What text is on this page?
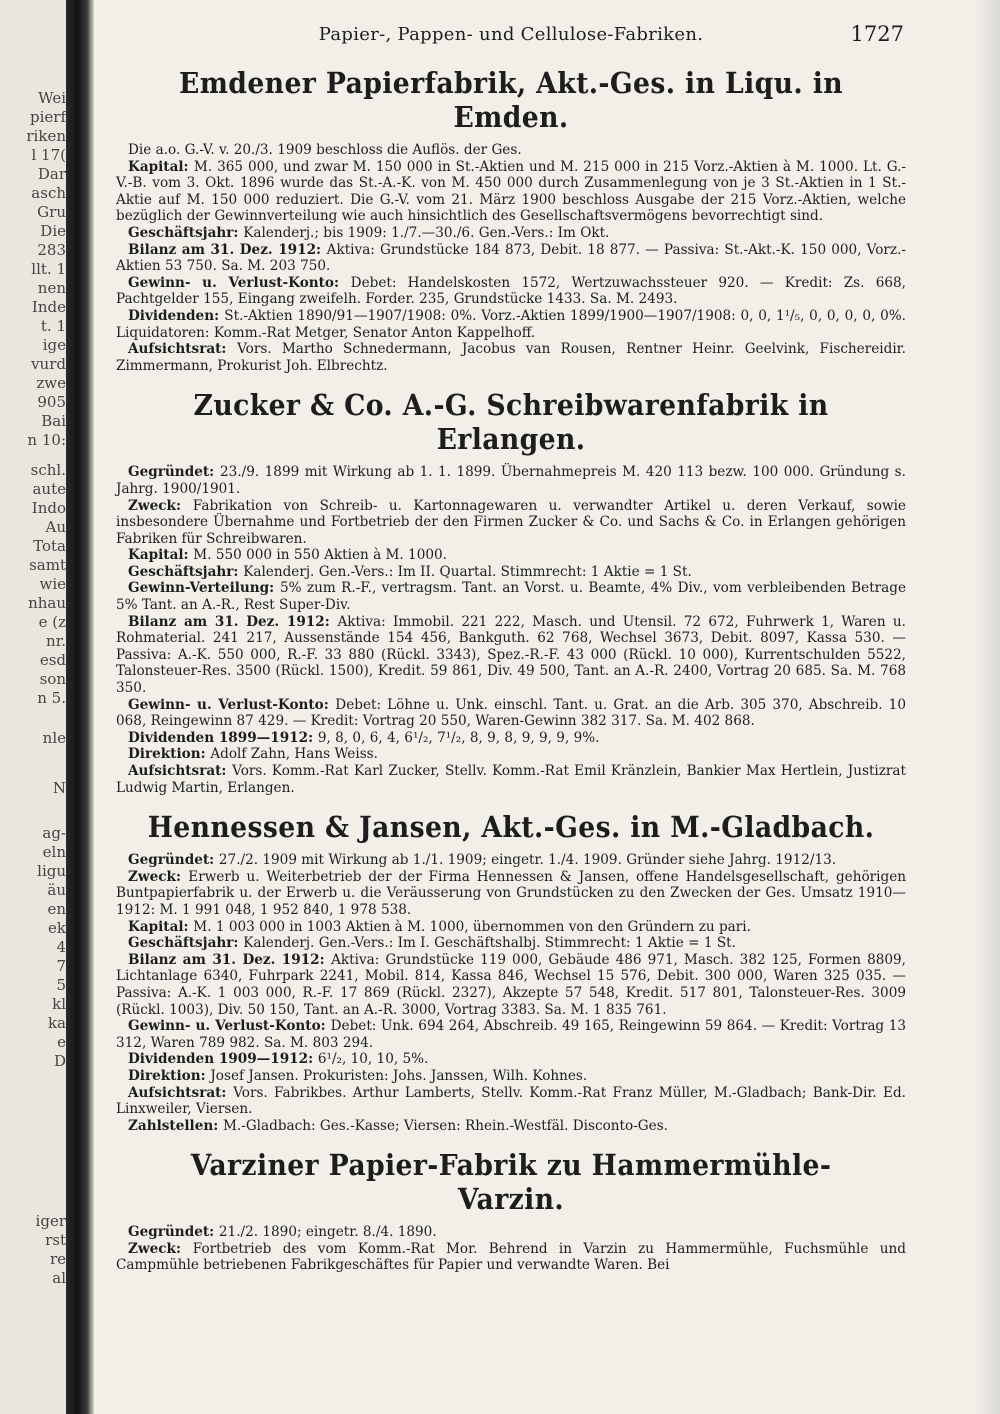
Wei
pierf
riken
l 17(
Dar
asch
Gru
Die
283
llt. 1
nen
Inde
t. 1
ige
vurd
zwe
905
Bai
n 10:
schl.
aute
Indo
Au
Tota
samt
wie
nhau
e (z
nr.
esd
son
n 5.
nle
N
ag-
eln
ligu
äu
en
ek
4
7
5
kl
ka
e
D
iger
rst
re
al
Papier-, Pappen- und Cellulose-Fabriken.	1727
Emdener Papierfabrik, Akt.-Ges. in Liqu. in Emden.

Die a.o. G.-V. v. 20./3. 1909 beschloss die Auflös. der Ges.

Kapital: M. 365 000, und zwar M. 150 000 in St.-Aktien und M. 215 000 in 215 Vorz.-Aktien à M. 1000. Lt. G.-V.-B. vom 3. Okt. 1896 wurde das St.-A.-K. von M. 450 000 durch Zusammenlegung von je 3 St.-Aktien in 1 St.-Aktie auf M. 150 000 reduziert. Die G.-V. vom 21. März 1900 beschloss Ausgabe der 215 Vorz.-Aktien, welche bezüglich der Gewinnverteilung wie auch hinsichtlich des Gesellschaftsvermögens bevorrechtigt sind.

Geschäftsjahr: Kalenderj.; bis 1909: 1./7.—30./6. Gen.-Vers.: Im Okt.

Bilanz am 31. Dez. 1912: Aktiva: Grundstücke 184 873, Debit. 18 877. — Passiva: St.-Akt.-K. 150 000, Vorz.-Aktien 53 750. Sa. M. 203 750.

Gewinn- u. Verlust-Konto: Debet: Handelskosten 1572, Wertzuwachssteuer 920. — Kredit: Zs. 668, Pachtgelder 155, Eingang zweifelh. Forder. 235, Grundstücke 1433. Sa. M. 2493.

Dividenden: St.-Aktien 1890/91—1907/1908: 0%. Vorz.-Aktien 1899/1900—1907/1908: 0, 0, 1¹/₅, 0, 0, 0, 0, 0%. Liquidatoren: Komm.-Rat Metger, Senator Anton Kappelhoff.

Aufsichtsrat: Vors. Martho Schnedermann, Jacobus van Rousen, Rentner Heinr. Geelvink, Fischereidir. Zimmermann, Prokurist Joh. Elbrechtz.

Zucker & Co. A.-G. Schreibwarenfabrik in Erlangen.

Gegründet: 23./9. 1899 mit Wirkung ab 1. 1. 1899. Übernahmepreis M. 420 113 bezw. 100 000. Gründung s. Jahrg. 1900/1901.

Zweck: Fabrikation von Schreib- u. Kartonnagewaren u. verwandter Artikel u. deren Verkauf, sowie insbesondere Übernahme und Fortbetrieb der den Firmen Zucker & Co. und Sachs & Co. in Erlangen gehörigen Fabriken für Schreibwaren.

Kapital: M. 550 000 in 550 Aktien à M. 1000.

Geschäftsjahr: Kalenderj. Gen.-Vers.: Im II. Quartal. Stimmrecht: 1 Aktie = 1 St.

Gewinn-Verteilung: 5% zum R.-F., vertragsm. Tant. an Vorst. u. Beamte, 4% Div., vom verbleibenden Betrage 5% Tant. an A.-R., Rest Super-Div.

Bilanz am 31. Dez. 1912: Aktiva: Immobil. 221 222, Masch. und Utensil. 72 672, Fuhrwerk 1, Waren u. Rohmaterial. 241 217, Aussenstände 154 456, Bankguth. 62 768, Wechsel 3673, Debit. 8097, Kassa 530. — Passiva: A.-K. 550 000, R.-F. 33 880 (Rückl. 3343), Spez.-R.-F. 43 000 (Rückl. 10 000), Kurrentschulden 5522, Talonsteuer-Res. 3500 (Rückl. 1500), Kredit. 59 861, Div. 49 500, Tant. an A.-R. 2400, Vortrag 20 685. Sa. M. 768 350.

Gewinn- u. Verlust-Konto: Debet: Löhne u. Unk. einschl. Tant. u. Grat. an die Arb. 305 370, Abschreib. 10 068, Reingewinn 87 429. — Kredit: Vortrag 20 550, Waren-Gewinn 382 317. Sa. M. 402 868.

Dividenden 1899—1912: 9, 8, 0, 6, 4, 6¹/₂, 7¹/₂, 8, 9, 8, 9, 9, 9, 9%.

Direktion: Adolf Zahn, Hans Weiss.

Aufsichtsrat: Vors. Komm.-Rat Karl Zucker, Stellv. Komm.-Rat Emil Kränzlein, Bankier Max Hertlein, Justizrat Ludwig Martin, Erlangen.

Hennessen & Jansen, Akt.-Ges. in M.-Gladbach.

Gegründet: 27./2. 1909 mit Wirkung ab 1./1. 1909; eingetr. 1./4. 1909. Gründer siehe Jahrg. 1912/13.

Zweck: Erwerb u. Weiterbetrieb der der Firma Hennessen & Jansen, offene Handelsgesellschaft, gehörigen Buntpapierfabrik u. der Erwerb u. die Veräusserung von Grundstücken zu den Zwecken der Ges. Umsatz 1910—1912: M. 1 991 048, 1 952 840, 1 978 538.

Kapital: M. 1 003 000 in 1003 Aktien à M. 1000, übernommen von den Gründern zu pari.

Geschäftsjahr: Kalenderj. Gen.-Vers.: Im I. Geschäftshalbj. Stimmrecht: 1 Aktie = 1 St.

Bilanz am 31. Dez. 1912: Aktiva: Grundstücke 119 000, Gebäude 486 971, Masch. 382 125, Formen 8809, Lichtanlage 6340, Fuhrpark 2241, Mobil. 814, Kassa 846, Wechsel 15 576, Debit. 300 000, Waren 325 035. — Passiva: A.-K. 1 003 000, R.-F. 17 869 (Rückl. 2327), Akzepte 57 548, Kredit. 517 801, Talonsteuer-Res. 3009 (Rückl. 1003), Div. 50 150, Tant. an A.-R. 3000, Vortrag 3383. Sa. M. 1 835 761.

Gewinn- u. Verlust-Konto: Debet: Unk. 694 264, Abschreib. 49 165, Reingewinn 59 864. — Kredit: Vortrag 13 312, Waren 789 982. Sa. M. 803 294.

Dividenden 1909—1912: 6¹/₂, 10, 10, 5%.

Direktion: Josef Jansen. Prokuristen: Johs. Janssen, Wilh. Kohnes.

Aufsichtsrat: Vors. Fabrikbes. Arthur Lamberts, Stellv. Komm.-Rat Franz Müller, M.-Gladbach; Bank-Dir. Ed. Linxweiler, Viersen.

Zahlstellen: M.-Gladbach: Ges.-Kasse; Viersen: Rhein.-Westfäl. Disconto-Ges.

Varziner Papier-Fabrik zu Hammermühle-Varzin.

Gegründet: 21./2. 1890; eingetr. 8./4. 1890.

Zweck: Fortbetrieb des vom Komm.-Rat Mor. Behrend in Varzin zu Hammermühle, Fuchsmühle und Campmühle betriebenen Fabrikgeschäftes für Papier und verwandte Waren. Bei
